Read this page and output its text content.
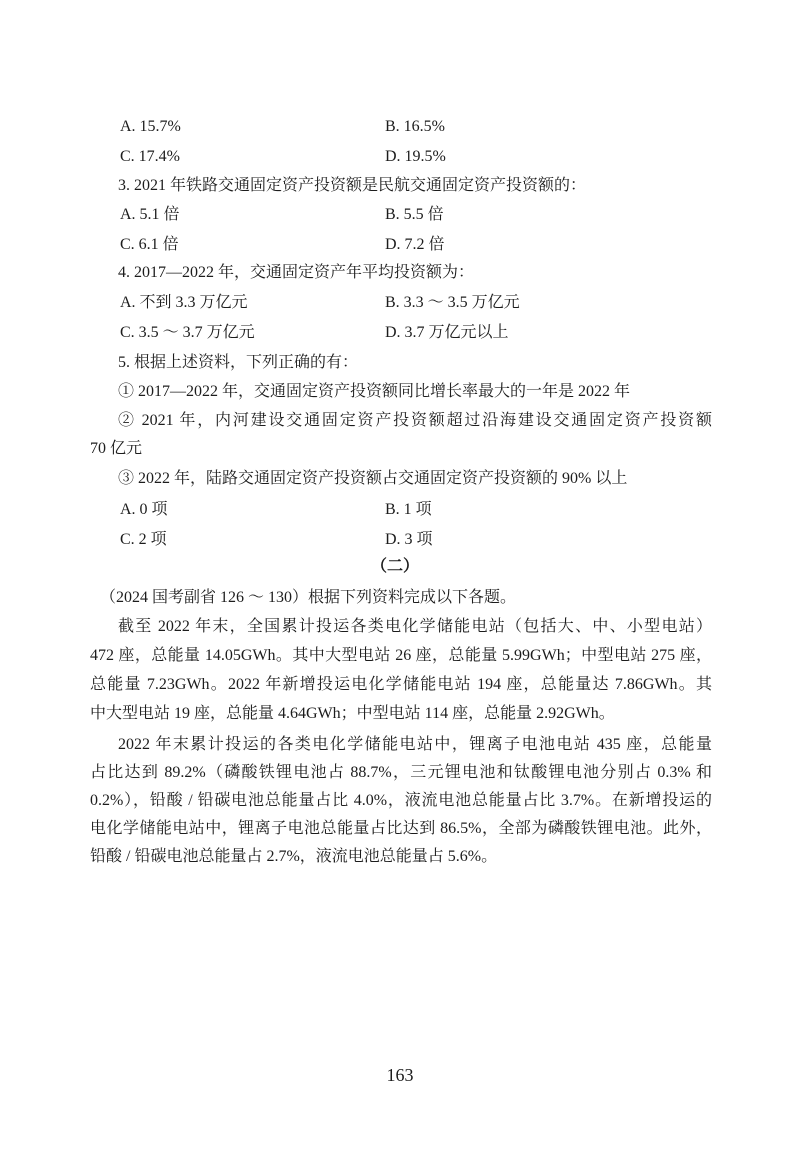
A. 15.7%	B. 16.5%
C. 17.4%	D. 19.5%
3. 2021 年铁路交通固定资产投资额是民航交通固定资产投资额的：
A. 5.1 倍	B. 5.5 倍
C. 6.1 倍	D. 7.2 倍
4. 2017—2022 年，交通固定资产年平均投资额为：
A. 不到 3.3 万亿元	B. 3.3 ～ 3.5 万亿元
C. 3.5 ～ 3.7 万亿元	D. 3.7 万亿元以上
5. 根据上述资料，下列正确的有：
① 2017—2022 年，交通固定资产投资额同比增长率最大的一年是 2022 年
② 2021 年，内河建设交通固定资产投资额超过沿海建设交通固定资产投资额
70 亿元
③ 2022 年，陆路交通固定资产投资额占交通固定资产投资额的 90% 以上
A. 0 项	B. 1 项
C. 2 项	D. 3 项
（二）
（2024 国考副省 126 ～ 130）根据下列资料完成以下各题。
截至 2022 年末，全国累计投运各类电化学储能电站（包括大、中、小型电站）
472 座，总能量 14.05GWh。其中大型电站 26 座，总能量 5.99GWh；中型电站 275 座，
总能量 7.23GWh。2022 年新增投运电化学储能电站 194 座，总能量达 7.86GWh。其
中大型电站 19 座，总能量 4.64GWh；中型电站 114 座，总能量 2.92GWh。
2022 年末累计投运的各类电化学储能电站中，锂离子电池电站 435 座，总能量
占比达到 89.2%（磷酸铁锂电池占 88.7%，三元锂电池和钛酸锂电池分别占 0.3% 和
0.2%），铅酸 / 铅碳电池总能量占比 4.0%，液流电池总能量占比 3.7%。在新增投运的
电化学储能电站中，锂离子电池总能量占比达到 86.5%，全部为磷酸铁锂电池。此外，
铅酸 / 铅碳电池总能量占 2.7%，液流电池总能量占 5.6%。
163
